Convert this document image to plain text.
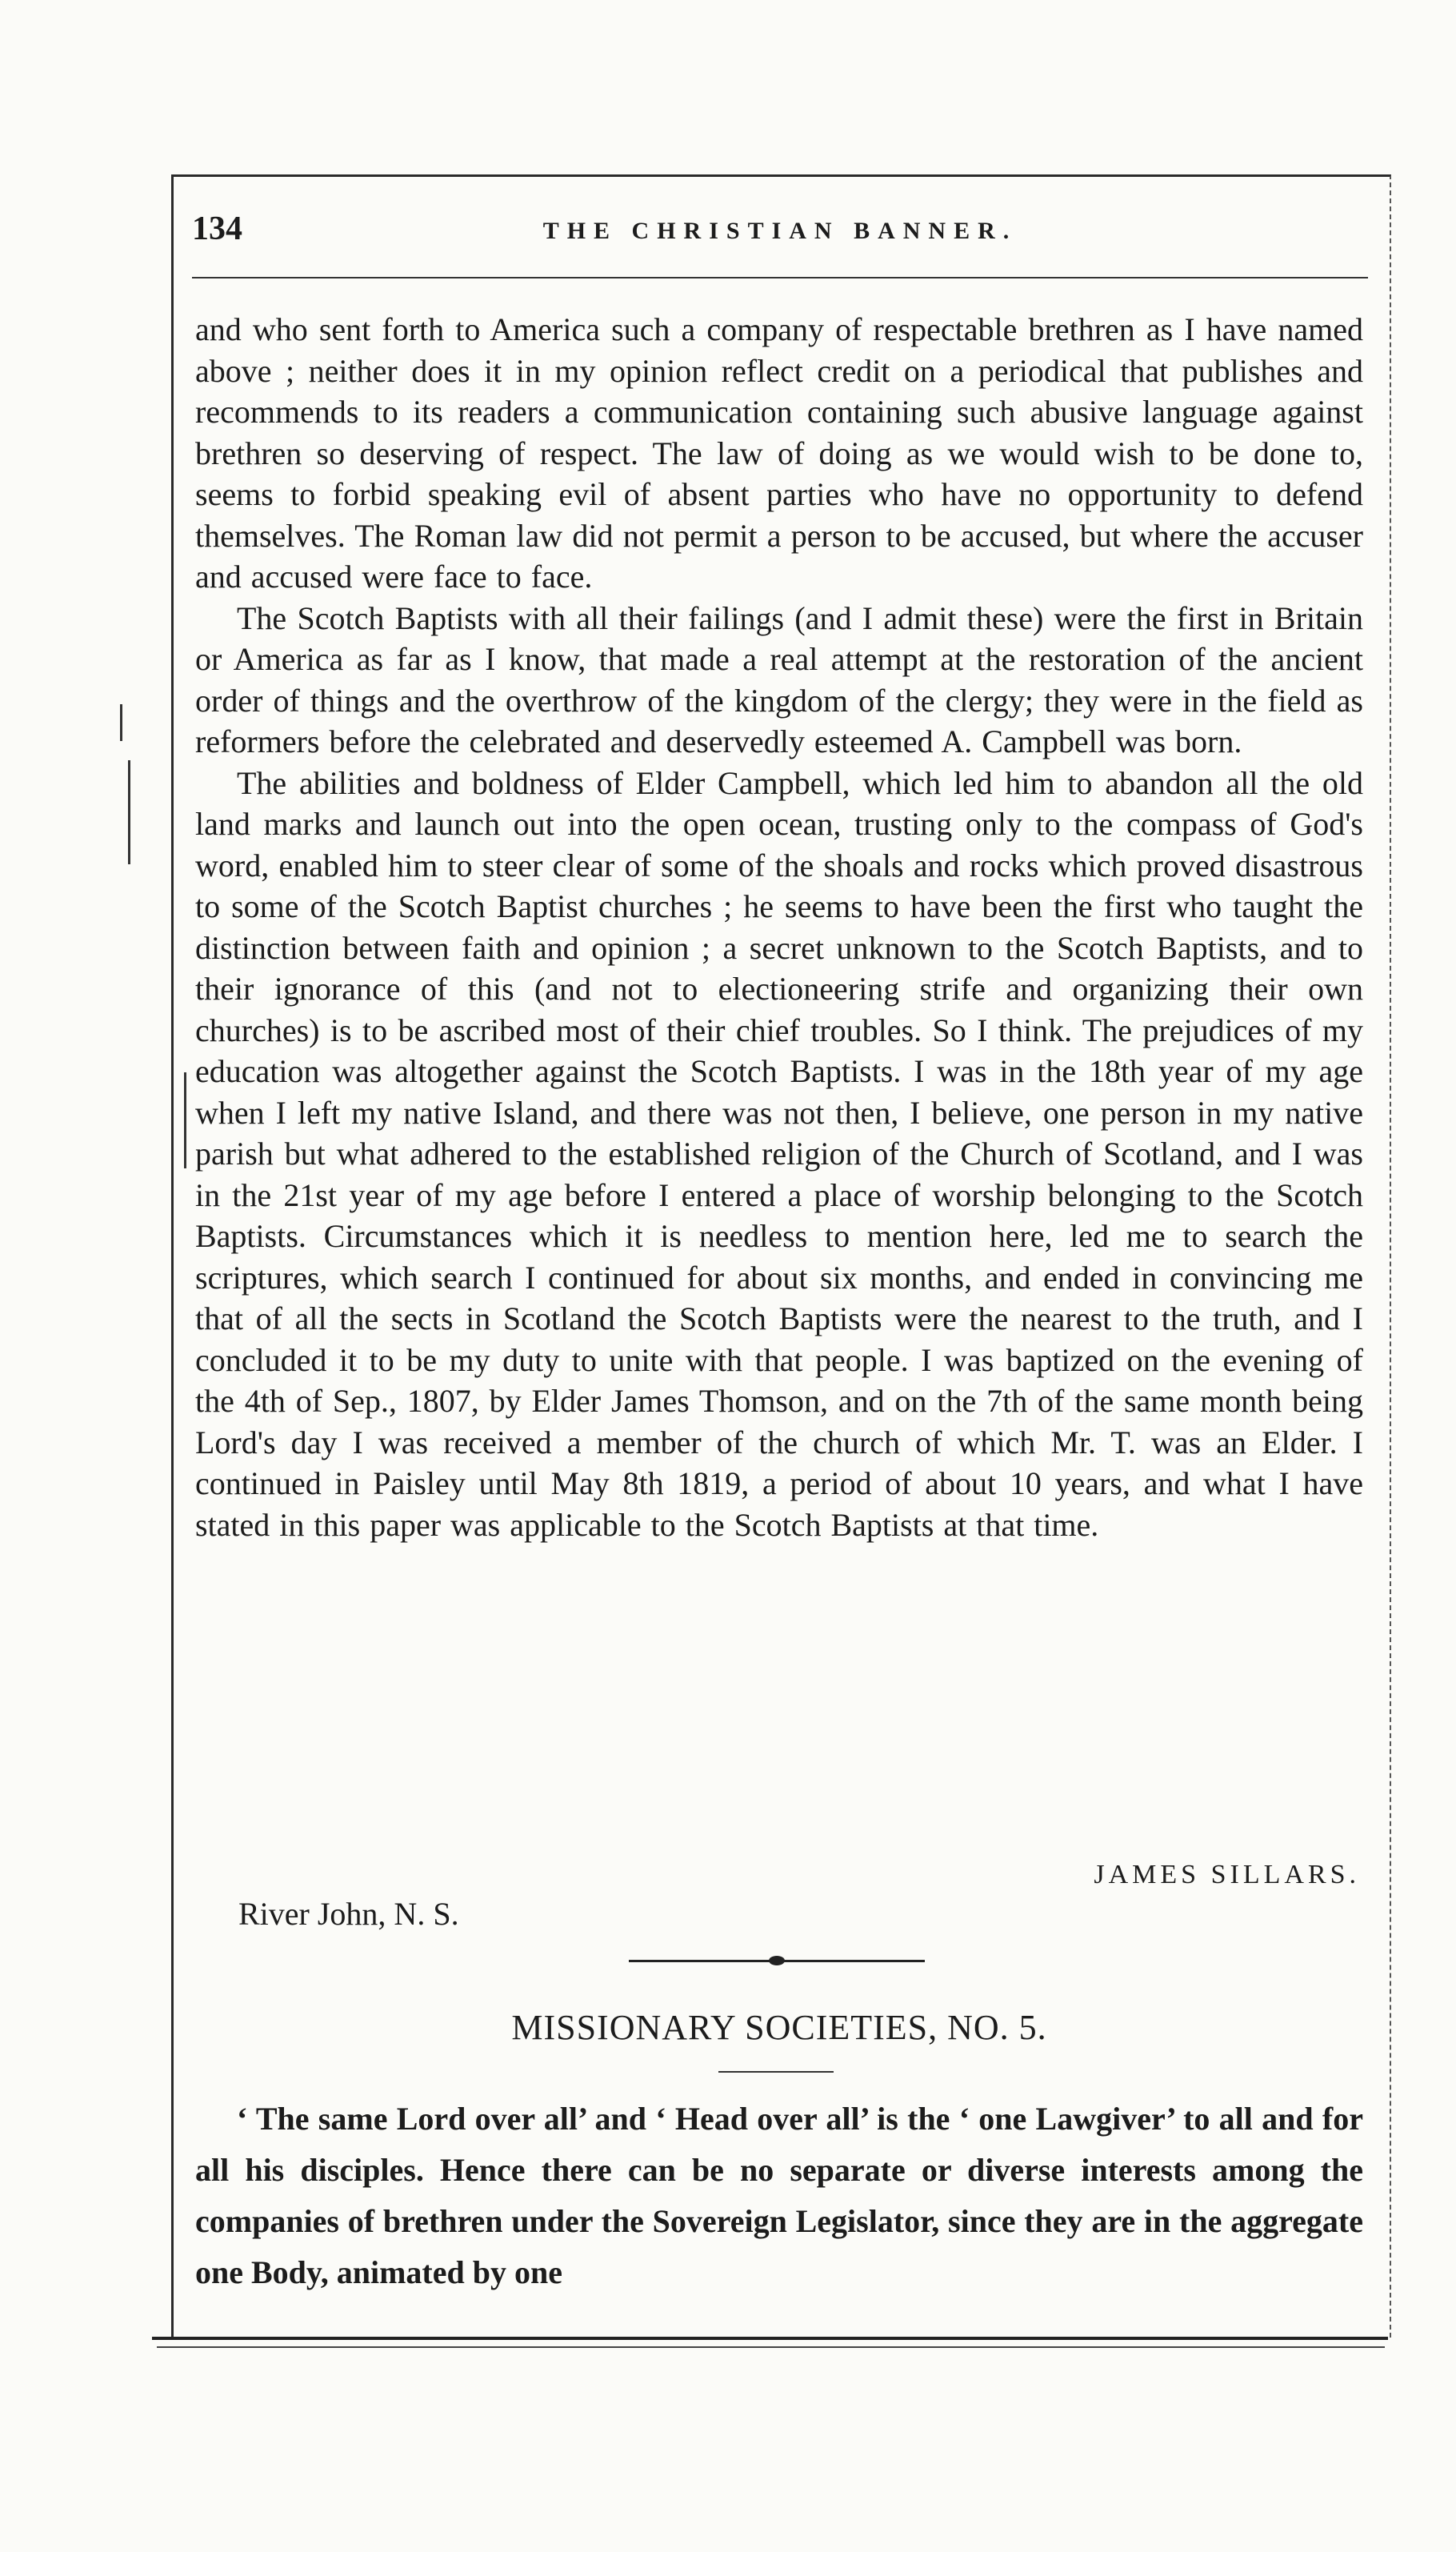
134	THE CHRISTIAN BANNER.

and who sent forth to America such a company of respectable brethren as I have named above ; neither does it in my opinion reflect credit on a periodical that publishes and recommends to its readers a communication containing such abusive language against brethren so deserving of respect. The law of doing as we would wish to be done to, seems to forbid speaking evil of absent parties who have no opportunity to defend themselves. The Roman law did not permit a person to be accused, but where the accuser and accused were face to face.

The Scotch Baptists with all their failings (and I admit these) were the first in Britain or America as far as I know, that made a real attempt at the restoration of the ancient order of things and the overthrow of the kingdom of the clergy; they were in the field as reformers before the celebrated and deservedly esteemed A. Campbell was born.

The abilities and boldness of Elder Campbell, which led him to abandon all the old land marks and launch out into the open ocean, trusting only to the compass of God's word, enabled him to steer clear of some of the shoals and rocks which proved disastrous to some of the Scotch Baptist churches ; he seems to have been the first who taught the distinction between faith and opinion ; a secret unknown to the Scotch Baptists, and to their ignorance of this (and not to electioneering strife and organizing their own churches) is to be ascribed most of their chief troubles. So I think. The prejudices of my education was altogether against the Scotch Baptists. I was in the 18th year of my age when I left my native Island, and there was not then, I believe, one person in my native parish but what adhered to the established religion of the Church of Scotland, and I was in the 21st year of my age before I entered a place of worship belonging to the Scotch Baptists. Circumstances which it is needless to mention here, led me to search the scriptures, which search I continued for about six months, and ended in convincing me that of all the sects in Scotland the Scotch Baptists were the nearest to the truth, and I concluded it to be my duty to unite with that people. I was baptized on the evening of the 4th of Sep., 1807, by Elder James Thomson, and on the 7th of the same month being Lord's day I was received a member of the church of which Mr. T. was an Elder. I continued in Paisley until May 8th 1819, a period of about 10 years, and what I have stated in this paper was applicable to the Scotch Baptists at that time.

JAMES SILLARS.
River John, N. S.
MISSIONARY SOCIETIES, NO. 5.

‘ The same Lord over all’ and ‘ Head over all’ is the ‘ one Lawgiver’ to all and for all his disciples. Hence there can be no separate or diverse interests among the companies of brethren under the Sovereign Legislator, since they are in the aggregate one Body, animated by one
